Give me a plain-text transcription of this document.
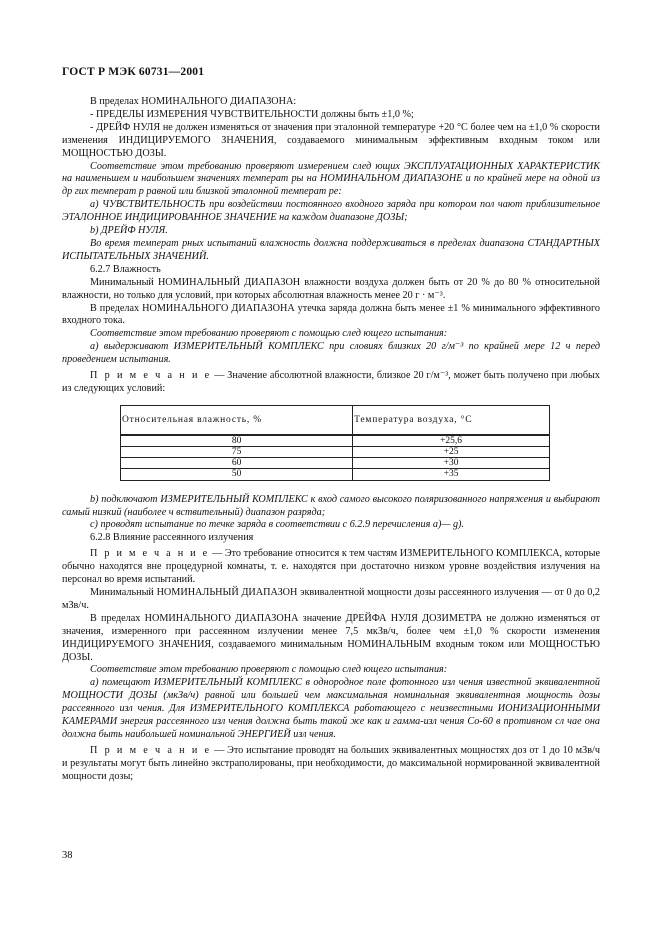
ГОСТ Р МЭК 60731—2001

В пределах НОМИНАЛЬНОГО ДИАПАЗОНА:

- ПРЕДЕЛЫ ИЗМЕРЕНИЯ ЧУВСТВИТЕЛЬНОСТИ должны быть ±1,0 %;

- ДРЕЙФ НУЛЯ не должен изменяться от значения при эталонной температуре +20 °С более чем на ±1,0 % скорости изменения ИНДИЦИРУЕМОГО ЗНАЧЕНИЯ, создаваемого минимальным эффективным входным током или МОЩНОСТЬЮ ДОЗЫ.

Соответствие этом требованию проверяют измерением след ющих ЭКСПЛУАТАЦИОННЫХ ХАРАКТЕРИСТИК на наименьшем и наибольшем значениях температ ры на НОМИНАЛЬНОМ ДИАПАЗОНЕ и по крайней мере на одной из др гих темперaт р равной или близкой эталонной температ ре:

а) ЧУВСТВИТЕЛЬНОСТЬ при воздействии постоянного входного заряда при котором пол чают приблизительное ЭТАЛОННОЕ ИНДИЦИРОВАННОЕ ЗНАЧЕНИЕ на каждом диапазоне ДОЗЫ;

b) ДРЕЙФ НУЛЯ.

Во время температ рных испытаний влажность должна поддерживаться в пределах диапазона СТАНДАРТНЫХ ИСПЫТАТЕЛЬНЫХ ЗНАЧЕНИЙ.

6.2.7 Влажность

Минимальный НОМИНАЛЬНЫЙ ДИАПАЗОН влажности воздуха должен быть от 20 % до 80 % относительной влажности, но только для условий, при которых абсолютная влажность менее 20 г · м⁻³.

В пределах НОМИНАЛЬНОГО ДИАПАЗОНА утечка заряда должна быть менее ±1 % минимального эффективного входного тока.

Соответствие этом требованию проверяют с помощью след ющего испытания:

а) выдерживают ИЗМЕРИТЕЛЬНЫЙ КОМПЛЕКС при словиях близких 20 г/м⁻³ по крайней мере 12 ч перед проведением испытания.

П р и м е ч а н и е — Значение абсолютной влажности, близкое 20 г/м⁻³, может быть получено при любых из следующих условий:

Относительная влажность, %	Температура воздуха, °С
80	+25,6
75	+25
60	+30
50	+35

b) подключают ИЗМЕРИТЕЛЬНЫЙ КОМПЛЕКС к вход самого высокого поляризованного напряжения и выбирают самый низкий (наиболее ч вствительный) диапазон разряда;

с) проводят испытание по течке заряда в соответствии с 6.2.9 перечисления а)— g).

6.2.8 Влияние рассеянного излучения

П р и м е ч а н и е — Это требование относится к тем частям ИЗМЕРИТЕЛЬНОГО КОМПЛЕКСА, которые обычно находятся вне процедурной комнаты, т. е. находятся при достаточно низком уровне воздействия излучения на персонал во время испытаний.

Минимальный НОМИНАЛЬНЫЙ ДИАПАЗОН эквивалентной мощности дозы рассеянного излучения — от 0 до 0,2 мЗв/ч.

В пределах НОМИНАЛЬНОГО ДИАПАЗОНА значение ДРЕЙФА НУЛЯ ДОЗИМЕТРА не должно изменяться от значения, измеренного при рассеянном излучении менее 7,5 мкЗв/ч, более чем ±1,0 % скорости изменения ИНДИЦИРУЕМОГО ЗНАЧЕНИЯ, создаваемого минимальным НОМИНАЛЬНЫМ входным током или МОЩНОСТЬЮ ДОЗЫ.

Соответствие этом требованию проверяют с помощью след ющего испытания:

а) помещают ИЗМЕРИТЕЛЬНЫЙ КОМПЛЕКС в однородное поле фотонного изл чения известной эквивалентной МОЩНОСТИ ДОЗЫ (мкЗв/ч) равной или большей чем максимальная номинальная эквивалентная мощность дозы рассеянного изл чения. Для ИЗМЕРИТЕЛЬНОГО КОМПЛЕКСА работающего с неизвестными ИОНИЗАЦИОННЫМИ КАМЕРАМИ энергия рассеянного изл чения должна быть такой же как и гамма-изл чения Со-60 в противном сл чае она должна быть наибольшей номинальной ЭНЕРГИЕЙ изл чения.

П р и м е ч а н и е — Это испытание проводят на больших эквивалентных мощностях доз от 1 до 10 мЗв/ч и результаты могут быть линейно экстраполированы, при необходимости, до максимальной нормированной эквивалентной мощности дозы;

38
